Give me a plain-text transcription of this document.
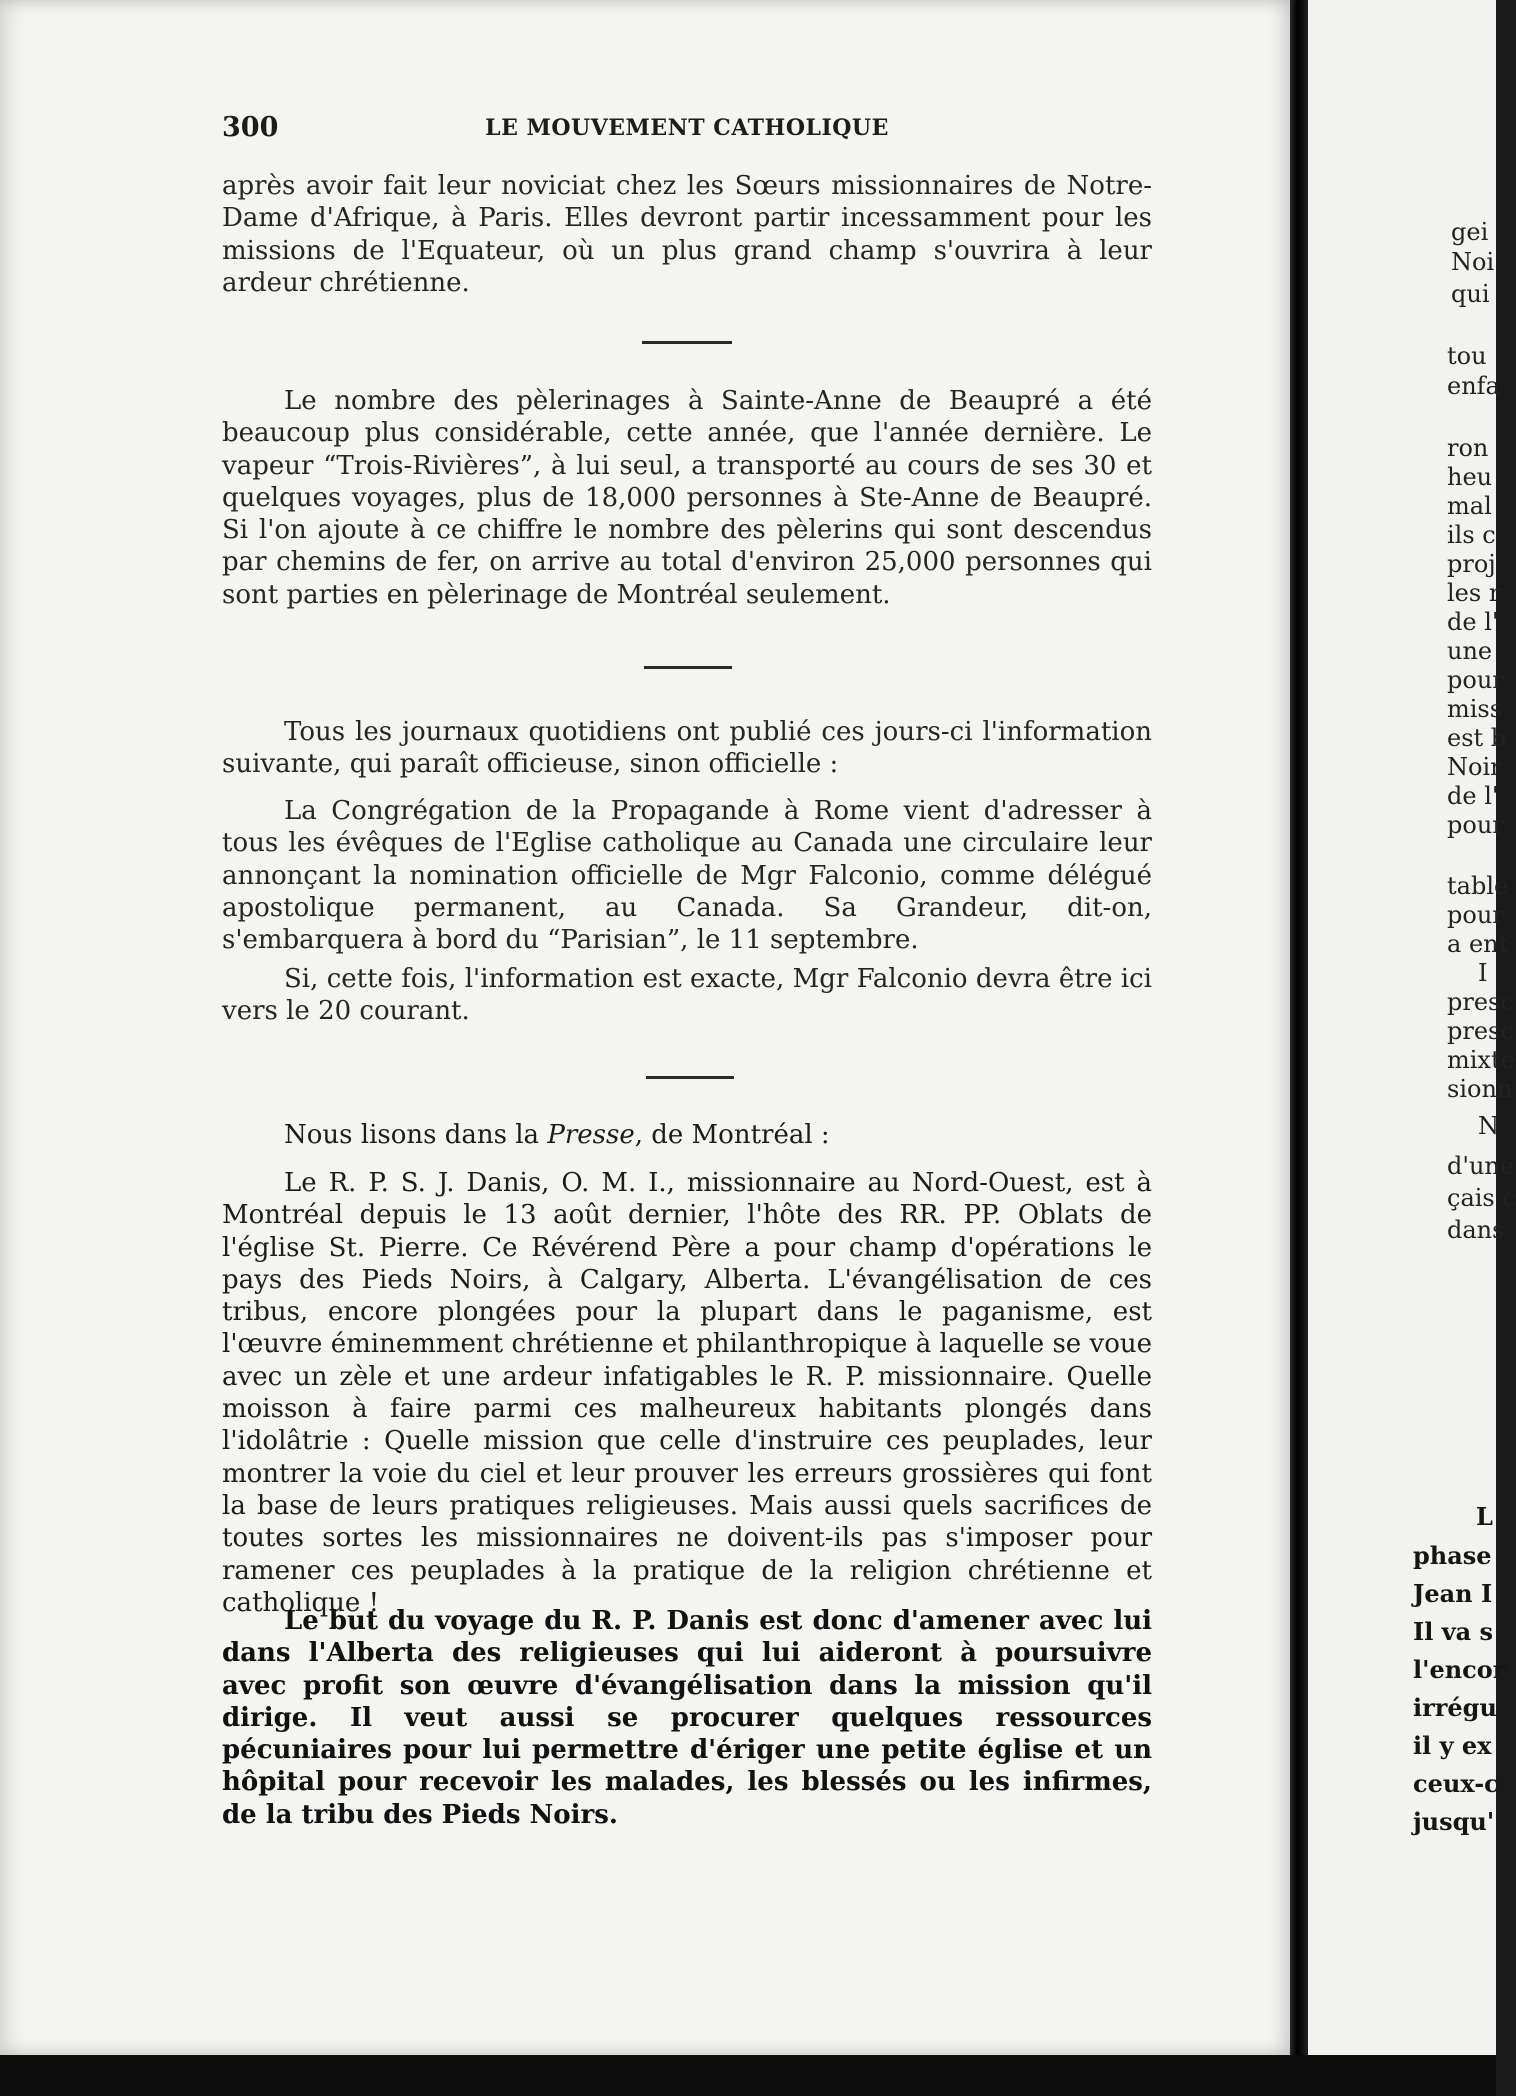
300	LE MOUVEMENT CATHOLIQUE

après avoir fait leur noviciat chez les Sœurs missionnaires de Notre-Dame d'Afrique, à Paris. Elles devront partir incessamment pour les missions de l'Equateur, où un plus grand champ s'ouvrira à leur ardeur chrétienne.

Le nombre des pèlerinages à Sainte-Anne de Beaupré a été beaucoup plus considérable, cette année, que l'année dernière. Le vapeur “Trois-Rivières”, à lui seul, a transporté au cours de ses 30 et quelques voyages, plus de 18,000 personnes à Ste-Anne de Beaupré. Si l'on ajoute à ce chiffre le nombre des pèlerins qui sont descendus par chemins de fer, on arrive au total d'environ 25,000 personnes qui sont parties en pèlerinage de Montréal seulement.

Tous les journaux quotidiens ont publié ces jours-ci l'information suivante, qui paraît officieuse, sinon officielle :

La Congrégation de la Propagande à Rome vient d'adresser à tous les évêques de l'Eglise catholique au Canada une circulaire leur annonçant la nomination officielle de Mgr Falconio, comme délégué apostolique permanent, au Canada. Sa Grandeur, dit-on, s'embarquera à bord du “Parisian”, le 11 septembre.

Si, cette fois, l'information est exacte, Mgr Falconio devra être ici vers le 20 courant.

Nous lisons dans la Presse, de Montréal :

Le R. P. S. J. Danis, O. M. I., missionnaire au Nord-Ouest, est à Montréal depuis le 13 août dernier, l'hôte des RR. PP. Oblats de l'église St. Pierre. Ce Révérend Père a pour champ d'opérations le pays des Pieds Noirs, à Calgary, Alberta. L'évangélisation de ces tribus, encore plongées pour la plupart dans le paganisme, est l'œuvre éminemment chrétienne et philanthropique à laquelle se voue avec un zèle et une ardeur infatigables le R. P. missionnaire. Quelle moisson à faire parmi ces malheureux habitants plongés dans l'idolâtrie : Quelle mission que celle d'instruire ces peuplades, leur montrer la voie du ciel et leur prouver les erreurs grossières qui font la base de leurs pratiques religieuses. Mais aussi quels sacrifices de toutes sortes les missionnaires ne doivent-ils pas s'imposer pour ramener ces peuplades à la pratique de la religion chrétienne et catholique !

Le but du voyage du R. P. Danis est donc d'amener avec lui dans l'Alberta des religieuses qui lui aideront à poursuivre avec profit son œuvre d'évangélisation dans la mission qu'il dirige. Il veut aussi se procurer quelques ressources pécuniaires pour lui permettre d'ériger une petite église et un hôpital pour recevoir les malades, les blessés ou les infirmes, de la tribu des Pieds Noirs.

gei
Noi
qui
tou
enfa
ron
heu
mal
ils c
proj
les r
de l'
une
pour
miss
est b
Noir
de l'
pour
table
pour
a ent
I
presc
presc
mixte
sionn
N
d'une
çais c
dans
L
phase
Jean I
Il va s
l'encor
irrégu
il y ex
ceux-c
jusqu'
